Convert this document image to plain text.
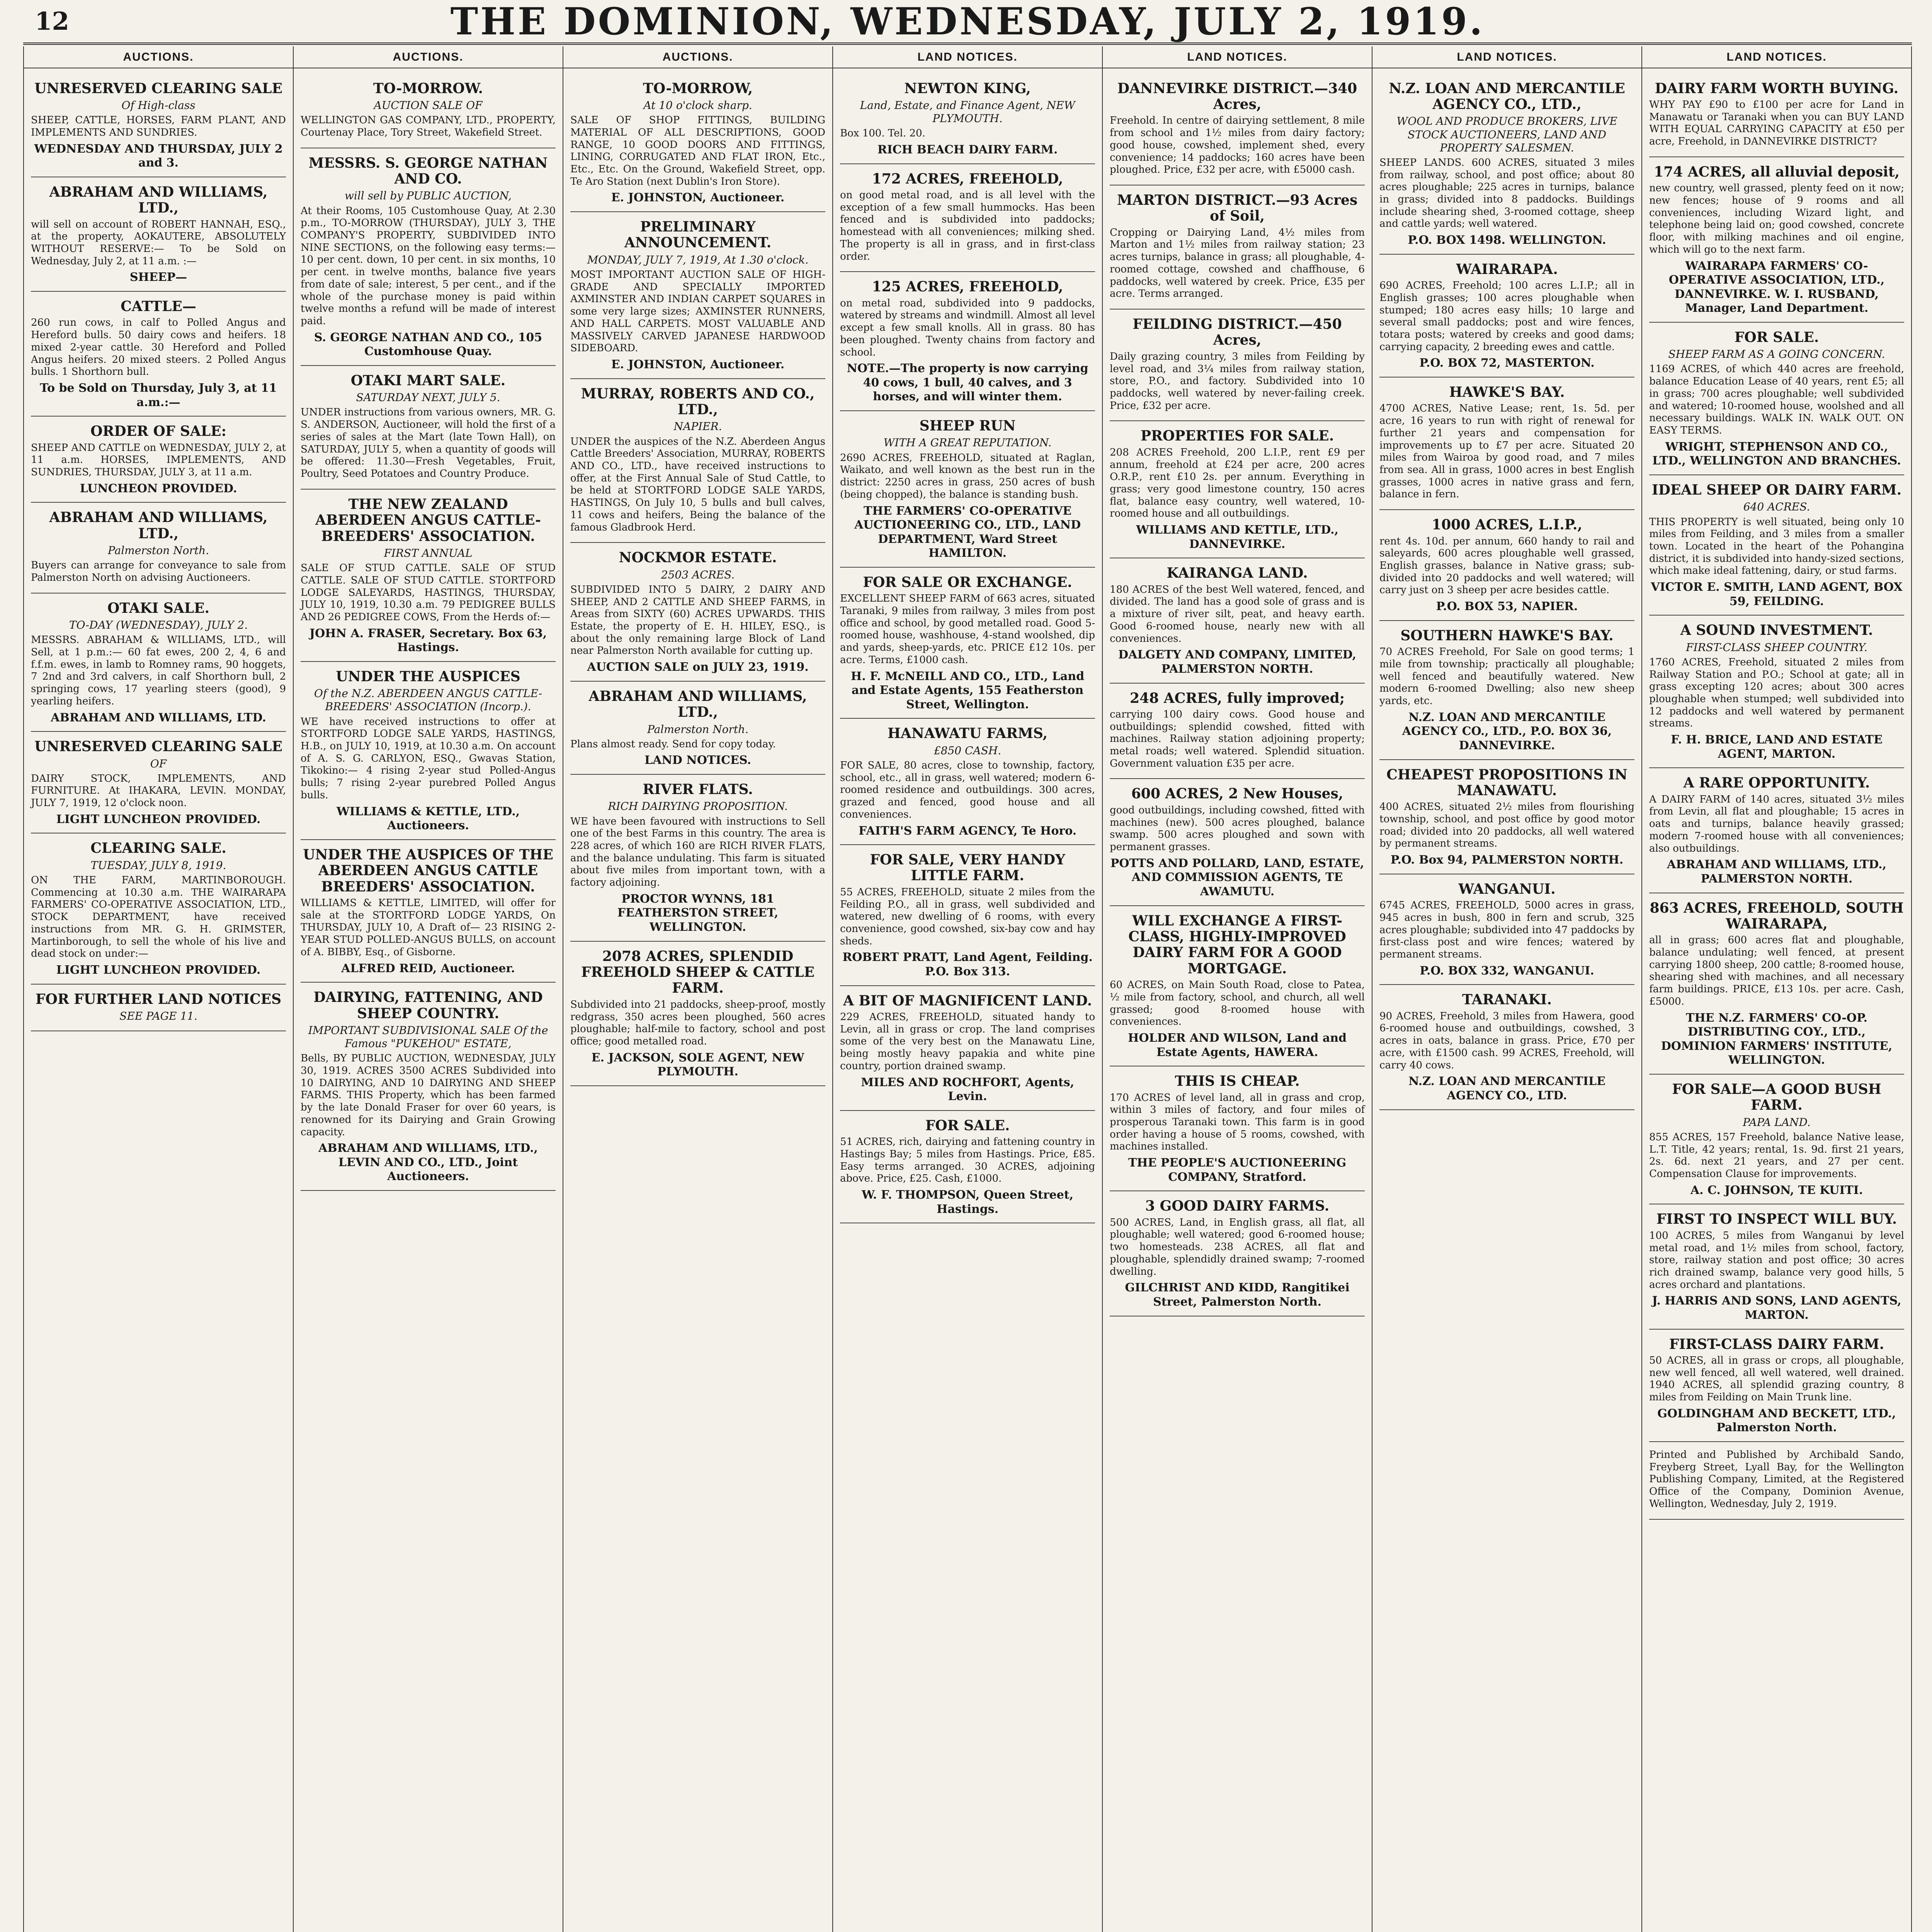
12	THE DOMINION, WEDNESDAY, JULY 2, 1919.
AUCTIONS.
UNRESERVED CLEARING SALE
Of High-class
SHEEP, CATTLE, HORSES, FARM PLANT, AND IMPLEMENTS AND SUNDRIES.
WEDNESDAY AND THURSDAY, JULY 2 and 3.
ABRAHAM AND WILLIAMS, LTD.,
will sell on account of ROBERT HANNAH, ESQ., at the property, AOKAUTERE, ABSOLUTELY WITHOUT RESERVE:— To be Sold on Wednesday, July 2, at 11 a.m. :—
SHEEP—
CATTLE—
260 run cows, in calf to Polled Angus and Hereford bulls. 50 dairy cows and heifers. 18 mixed 2-year cattle. 30 Hereford and Polled Angus heifers. 20 mixed steers. 2 Polled Angus bulls. 1 Shorthorn bull.
To be Sold on Thursday, July 3, at 11 a.m.:—
ORDER OF SALE:
SHEEP AND CATTLE on WEDNESDAY, JULY 2, at 11 a.m. HORSES, IMPLEMENTS, AND SUNDRIES, THURSDAY, JULY 3, at 11 a.m.
LUNCHEON PROVIDED.
ABRAHAM AND WILLIAMS, LTD.,
Palmerston North.
Buyers can arrange for conveyance to sale from Palmerston North on advising Auctioneers.
OTAKI SALE.
TO-DAY (WEDNESDAY), JULY 2.
MESSRS. ABRAHAM & WILLIAMS, LTD., will Sell, at 1 p.m.:— 60 fat ewes, 200 2, 4, 6 and f.f.m. ewes, in lamb to Romney rams, 90 hoggets, 7 2nd and 3rd calvers, in calf Shorthorn bull, 2 springing cows, 17 yearling steers (good), 9 yearling heifers.
ABRAHAM AND WILLIAMS, LTD.
UNRESERVED CLEARING SALE
OF
DAIRY STOCK, IMPLEMENTS, AND FURNITURE. At IHAKARA, LEVIN. MONDAY, JULY 7, 1919, 12 o'clock noon.
LIGHT LUNCHEON PROVIDED.
CLEARING SALE.
TUESDAY, JULY 8, 1919.
ON THE FARM, MARTINBOROUGH. Commencing at 10.30 a.m. THE WAIRARAPA FARMERS' CO-OPERATIVE ASSOCIATION, LTD., STOCK DEPARTMENT, have received instructions from MR. G. H. GRIMSTER, Martinborough, to sell the whole of his live and dead stock on under:—
LIGHT LUNCHEON PROVIDED.
FOR FURTHER LAND NOTICES
SEE PAGE 11.
AUCTIONS.
TO-MORROW.
AUCTION SALE OF
WELLINGTON GAS COMPANY, LTD., PROPERTY, Courtenay Place, Tory Street, Wakefield Street.
MESSRS. S. GEORGE NATHAN AND CO.
will sell by PUBLIC AUCTION,
At their Rooms, 105 Customhouse Quay, At 2.30 p.m., TO-MORROW (THURSDAY), JULY 3, THE COMPANY'S PROPERTY, SUBDIVIDED INTO NINE SECTIONS, on the following easy terms:— 10 per cent. down, 10 per cent. in six months, 10 per cent. in twelve months, balance five years from date of sale; interest, 5 per cent., and if the whole of the purchase money is paid within twelve months a refund will be made of interest paid.
S. GEORGE NATHAN AND CO., 105 Customhouse Quay.
OTAKI MART SALE.
SATURDAY NEXT, JULY 5.
UNDER instructions from various owners, MR. G. S. ANDERSON, Auctioneer, will hold the first of a series of sales at the Mart (late Town Hall), on SATURDAY, JULY 5, when a quantity of goods will be offered: 11.30—Fresh Vegetables, Fruit, Poultry, Seed Potatoes and Country Produce.
THE NEW ZEALAND ABERDEEN ANGUS CATTLE-BREEDERS' ASSOCIATION.
FIRST ANNUAL
SALE OF STUD CATTLE. SALE OF STUD CATTLE. SALE OF STUD CATTLE. STORTFORD LODGE SALEYARDS, HASTINGS, THURSDAY, JULY 10, 1919, 10.30 a.m. 79 PEDIGREE BULLS AND 26 PEDIGREE COWS, From the Herds of:—
JOHN A. FRASER, Secretary. Box 63, Hastings.
UNDER THE AUSPICES
Of the N.Z. ABERDEEN ANGUS CATTLE-BREEDERS' ASSOCIATION (Incorp.).
WE have received instructions to offer at STORTFORD LODGE SALE YARDS, HASTINGS, H.B., on JULY 10, 1919, at 10.30 a.m. On account of A. S. G. CARLYON, ESQ., Gwavas Station, Tikokino:— 4 rising 2-year stud Polled-Angus bulls; 7 rising 2-year purebred Polled Angus bulls.
WILLIAMS & KETTLE, LTD., Auctioneers.
UNDER THE AUSPICES OF THE ABERDEEN ANGUS CATTLE BREEDERS' ASSOCIATION.
WILLIAMS & KETTLE, LIMITED, will offer for sale at the STORTFORD LODGE YARDS, On THURSDAY, JULY 10, A Draft of— 23 RISING 2-YEAR STUD POLLED-ANGUS BULLS, on account of A. BIBBY, Esq., of Gisborne.
ALFRED REID, Auctioneer.
DAIRYING, FATTENING, AND SHEEP COUNTRY.
IMPORTANT SUBDIVISIONAL SALE Of the Famous "PUKEHOU" ESTATE,
Bells, BY PUBLIC AUCTION, WEDNESDAY, JULY 30, 1919. ACRES 3500 ACRES Subdivided into 10 DAIRYING, AND 10 DAIRYING AND SHEEP FARMS. THIS Property, which has been farmed by the late Donald Fraser for over 60 years, is renowned for its Dairying and Grain Growing capacity.
ABRAHAM AND WILLIAMS, LTD., LEVIN AND CO., LTD., Joint Auctioneers.
AUCTIONS.
TO-MORROW,
At 10 o'clock sharp.
SALE OF SHOP FITTINGS, BUILDING MATERIAL OF ALL DESCRIPTIONS, GOOD RANGE, 10 GOOD DOORS AND FITTINGS, LINING, CORRUGATED AND FLAT IRON, Etc., Etc., Etc. On the Ground, Wakefield Street, opp. Te Aro Station (next Dublin's Iron Store).
E. JOHNSTON, Auctioneer.
PRELIMINARY ANNOUNCEMENT.
MONDAY, JULY 7, 1919, At 1.30 o'clock.
MOST IMPORTANT AUCTION SALE OF HIGH-GRADE AND SPECIALLY IMPORTED AXMINSTER AND INDIAN CARPET SQUARES in some very large sizes; AXMINSTER RUNNERS, AND HALL CARPETS. MOST VALUABLE AND MASSIVELY CARVED JAPANESE HARDWOOD SIDEBOARD.
E. JOHNSTON, Auctioneer.
MURRAY, ROBERTS AND CO., LTD.,
NAPIER.
UNDER the auspices of the N.Z. Aberdeen Angus Cattle Breeders' Association, MURRAY, ROBERTS AND CO., LTD., have received instructions to offer, at the First Annual Sale of Stud Cattle, to be held at STORTFORD LODGE SALE YARDS, HASTINGS, On July 10, 5 bulls and bull calves, 11 cows and heifers, Being the balance of the famous Gladbrook Herd.
NOCKMOR ESTATE.
2503 ACRES.
SUBDIVIDED INTO 5 DAIRY, 2 DAIRY AND SHEEP, AND 2 CATTLE AND SHEEP FARMS, in Areas from SIXTY (60) ACRES UPWARDS. THIS Estate, the property of E. H. HILEY, ESQ., is about the only remaining large Block of Land near Palmerston North available for cutting up.
AUCTION SALE on JULY 23, 1919.
ABRAHAM AND WILLIAMS, LTD.,
Palmerston North.
Plans almost ready. Send for copy today.
LAND NOTICES.
RIVER FLATS.
RICH DAIRYING PROPOSITION.
WE have been favoured with instructions to Sell one of the best Farms in this country. The area is 228 acres, of which 160 are RICH RIVER FLATS, and the balance undulating. This farm is situated about five miles from important town, with a factory adjoining.
PROCTOR WYNNS, 181 FEATHERSTON STREET, WELLINGTON.
2078 ACRES, SPLENDID FREEHOLD SHEEP & CATTLE FARM.
Subdivided into 21 paddocks, sheep-proof, mostly redgrass, 350 acres been ploughed, 560 acres ploughable; half-mile to factory, school and post office; good metalled road.
E. JACKSON, SOLE AGENT, NEW PLYMOUTH.
LAND NOTICES.
NEWTON KING,
Land, Estate, and Finance Agent, NEW PLYMOUTH.
Box 100. Tel. 20.
RICH BEACH DAIRY FARM.
172 ACRES, FREEHOLD,
on good metal road, and is all level with the exception of a few small hummocks. Has been fenced and is subdivided into paddocks; homestead with all conveniences; milking shed. The property is all in grass, and in first-class order.
125 ACRES, FREEHOLD,
on metal road, subdivided into 9 paddocks, watered by streams and windmill. Almost all level except a few small knolls. All in grass. 80 has been ploughed. Twenty chains from factory and school.
NOTE.—The property is now carrying 40 cows, 1 bull, 40 calves, and 3 horses, and will winter them.
SHEEP RUN
WITH A GREAT REPUTATION.
2690 ACRES, FREEHOLD, situated at Raglan, Waikato, and well known as the best run in the district: 2250 acres in grass, 250 acres of bush (being chopped), the balance is standing bush.
THE FARMERS' CO-OPERATIVE AUCTIONEERING CO., LTD., LAND DEPARTMENT, Ward Street HAMILTON.
FOR SALE OR EXCHANGE.
EXCELLENT SHEEP FARM of 663 acres, situated Taranaki, 9 miles from railway, 3 miles from post office and school, by good metalled road. Good 5-roomed house, washhouse, 4-stand woolshed, dip and yards, sheep-yards, etc. PRICE £12 10s. per acre. Terms, £1000 cash.
H. F. McNEILL AND CO., LTD., Land and Estate Agents, 155 Featherston Street, Wellington.
HANAWATU FARMS,
£850 CASH.
FOR SALE, 80 acres, close to township, factory, school, etc., all in grass, well watered; modern 6-roomed residence and outbuildings. 300 acres, grazed and fenced, good house and all conveniences.
FAITH'S FARM AGENCY, Te Horo.
FOR SALE, VERY HANDY LITTLE FARM.
55 ACRES, FREEHOLD, situate 2 miles from the Feilding P.O., all in grass, well subdivided and watered, new dwelling of 6 rooms, with every convenience, good cowshed, six-bay cow and hay sheds.
ROBERT PRATT, Land Agent, Feilding. P.O. Box 313.
A BIT OF MAGNIFICENT LAND.
229 ACRES, FREEHOLD, situated handy to Levin, all in grass or crop. The land comprises some of the very best on the Manawatu Line, being mostly heavy papakia and white pine country, portion drained swamp.
MILES AND ROCHFORT, Agents, Levin.
FOR SALE.
51 ACRES, rich, dairying and fattening country in Hastings Bay; 5 miles from Hastings. Price, £85. Easy terms arranged. 30 ACRES, adjoining above. Price, £25. Cash, £1000.
W. F. THOMPSON, Queen Street, Hastings.
LAND NOTICES.
DANNEVIRKE DISTRICT.—340 Acres,
Freehold. In centre of dairying settlement, 8 mile from school and 1½ miles from dairy factory; good house, cowshed, implement shed, every convenience; 14 paddocks; 160 acres have been ploughed. Price, £32 per acre, with £5000 cash.
MARTON DISTRICT.—93 Acres of Soil,
Cropping or Dairying Land, 4½ miles from Marton and 1½ miles from railway station; 23 acres turnips, balance in grass; all ploughable, 4-roomed cottage, cowshed and chaffhouse, 6 paddocks, well watered by creek. Price, £35 per acre. Terms arranged.
FEILDING DISTRICT.—450 Acres,
Daily grazing country, 3 miles from Feilding by level road, and 3¼ miles from railway station, store, P.O., and factory. Subdivided into 10 paddocks, well watered by never-failing creek. Price, £32 per acre.
PROPERTIES FOR SALE.
208 ACRES Freehold, 200 L.I.P., rent £9 per annum, freehold at £24 per acre, 200 acres O.R.P., rent £10 2s. per annum. Everything in grass; very good limestone country, 150 acres flat, balance easy country, well watered, 10-roomed house and all outbuildings.
WILLIAMS AND KETTLE, LTD., DANNEVIRKE.
KAIRANGA LAND.
180 ACRES of the best Well watered, fenced, and divided. The land has a good sole of grass and is a mixture of river silt, peat, and heavy earth. Good 6-roomed house, nearly new with all conveniences.
DALGETY AND COMPANY, LIMITED, PALMERSTON NORTH.
248 ACRES, fully improved;
carrying 100 dairy cows. Good house and outbuildings; splendid cowshed, fitted with machines. Railway station adjoining property; metal roads; well watered. Splendid situation. Government valuation £35 per acre.
600 ACRES, 2 New Houses,
good outbuildings, including cowshed, fitted with machines (new). 500 acres ploughed, balance swamp. 500 acres ploughed and sown with permanent grasses.
POTTS AND POLLARD, LAND, ESTATE, AND COMMISSION AGENTS, TE AWAMUTU.
WILL EXCHANGE A FIRST-CLASS, HIGHLY-IMPROVED DAIRY FARM FOR A GOOD MORTGAGE.
60 ACRES, on Main South Road, close to Patea, ½ mile from factory, school, and church, all well grassed; good 8-roomed house with conveniences.
HOLDER AND WILSON, Land and Estate Agents, HAWERA.
THIS IS CHEAP.
170 ACRES of level land, all in grass and crop, within 3 miles of factory, and four miles of prosperous Taranaki town. This farm is in good order having a house of 5 rooms, cowshed, with machines installed.
THE PEOPLE'S AUCTIONEERING COMPANY, Stratford.
3 GOOD DAIRY FARMS.
500 ACRES, Land, in English grass, all flat, all ploughable; well watered; good 6-roomed house; two homesteads. 238 ACRES, all flat and ploughable, splendidly drained swamp; 7-roomed dwelling.
GILCHRIST AND KIDD, Rangitikei Street, Palmerston North.
LAND NOTICES.
N.Z. LOAN AND MERCANTILE AGENCY CO., LTD.,
WOOL AND PRODUCE BROKERS, LIVE STOCK AUCTIONEERS, LAND AND PROPERTY SALESMEN.
SHEEP LANDS. 600 ACRES, situated 3 miles from railway, school, and post office; about 80 acres ploughable; 225 acres in turnips, balance in grass; divided into 8 paddocks. Buildings include shearing shed, 3-roomed cottage, sheep and cattle yards; well watered.
P.O. BOX 1498. WELLINGTON.
WAIRARAPA.
690 ACRES, Freehold; 100 acres L.I.P.; all in English grasses; 100 acres ploughable when stumped; 180 acres easy hills; 10 large and several small paddocks; post and wire fences, totara posts; watered by creeks and good dams; carrying capacity, 2 breeding ewes and cattle.
P.O. BOX 72, MASTERTON.
HAWKE'S BAY.
4700 ACRES, Native Lease; rent, 1s. 5d. per acre, 16 years to run with right of renewal for further 21 years and compensation for improvements up to £7 per acre. Situated 20 miles from Wairoa by good road, and 7 miles from sea. All in grass, 1000 acres in best English grasses, 1000 acres in native grass and fern, balance in fern.
1000 ACRES, L.I.P.,
rent 4s. 10d. per annum, 660 handy to rail and saleyards, 600 acres ploughable well grassed, English grasses, balance in Native grass; sub-divided into 20 paddocks and well watered; will carry just on 3 sheep per acre besides cattle.
P.O. BOX 53, NAPIER.
SOUTHERN HAWKE'S BAY.
70 ACRES Freehold, For Sale on good terms; 1 mile from township; practically all ploughable; well fenced and beautifully watered. New modern 6-roomed Dwelling; also new sheep yards, etc.
N.Z. LOAN AND MERCANTILE AGENCY CO., LTD., P.O. BOX 36, DANNEVIRKE.
CHEAPEST PROPOSITIONS IN MANAWATU.
400 ACRES, situated 2½ miles from flourishing township, school, and post office by good motor road; divided into 20 paddocks, all well watered by permanent streams.
P.O. Box 94, PALMERSTON NORTH.
WANGANUI.
6745 ACRES, FREEHOLD, 5000 acres in grass, 945 acres in bush, 800 in fern and scrub, 325 acres ploughable; subdivided into 47 paddocks by first-class post and wire fences; watered by permanent streams.
P.O. BOX 332, WANGANUI.
TARANAKI.
90 ACRES, Freehold, 3 miles from Hawera, good 6-roomed house and outbuildings, cowshed, 3 acres in oats, balance in grass. Price, £70 per acre, with £1500 cash. 99 ACRES, Freehold, will carry 40 cows.
N.Z. LOAN AND MERCANTILE AGENCY CO., LTD.
LAND NOTICES.
DAIRY FARM WORTH BUYING.
WHY PAY £90 to £100 per acre for Land in Manawatu or Taranaki when you can BUY LAND WITH EQUAL CARRYING CAPACITY at £50 per acre, Freehold, in DANNEVIRKE DISTRICT?
174 ACRES, all alluvial deposit,
new country, well grassed, plenty feed on it now; new fences; house of 9 rooms and all conveniences, including Wizard light, and telephone being laid on; good cowshed, concrete floor, with milking machines and oil engine, which will go to the next farm.
WAIRARAPA FARMERS' CO-OPERATIVE ASSOCIATION, LTD., DANNEVIRKE. W. I. RUSBAND, Manager, Land Department.
FOR SALE.
SHEEP FARM AS A GOING CONCERN.
1169 ACRES, of which 440 acres are freehold, balance Education Lease of 40 years, rent £5; all in grass; 700 acres ploughable; well subdivided and watered; 10-roomed house, woolshed and all necessary buildings. WALK IN. WALK OUT. ON EASY TERMS.
WRIGHT, STEPHENSON AND CO., LTD., WELLINGTON AND BRANCHES.
IDEAL SHEEP OR DAIRY FARM.
640 ACRES.
THIS PROPERTY is well situated, being only 10 miles from Feilding, and 3 miles from a smaller town. Located in the heart of the Pohangina district, it is subdivided into handy-sized sections, which make ideal fattening, dairy, or stud farms.
VICTOR E. SMITH, LAND AGENT, BOX 59, FEILDING.
A SOUND INVESTMENT.
FIRST-CLASS SHEEP COUNTRY.
1760 ACRES, Freehold, situated 2 miles from Railway Station and P.O.; School at gate; all in grass excepting 120 acres; about 300 acres ploughable when stumped; well subdivided into 12 paddocks and well watered by permanent streams.
F. H. BRICE, LAND AND ESTATE AGENT, MARTON.
A RARE OPPORTUNITY.
A DAIRY FARM of 140 acres, situated 3½ miles from Levin, all flat and ploughable; 15 acres in oats and turnips, balance heavily grassed; modern 7-roomed house with all conveniences; also outbuildings.
ABRAHAM AND WILLIAMS, LTD., PALMERSTON NORTH.
863 ACRES, FREEHOLD, SOUTH WAIRARAPA,
all in grass; 600 acres flat and ploughable, balance undulating; well fenced, at present carrying 1800 sheep, 200 cattle; 8-roomed house, shearing shed with machines, and all necessary farm buildings. PRICE, £13 10s. per acre. Cash, £5000.
THE N.Z. FARMERS' CO-OP. DISTRIBUTING COY., LTD., DOMINION FARMERS' INSTITUTE, WELLINGTON.
FOR SALE—A GOOD BUSH FARM.
PAPA LAND.
855 ACRES, 157 Freehold, balance Native lease, L.T. Title, 42 years; rental, 1s. 9d. first 21 years, 2s. 6d. next 21 years, and 27 per cent. Compensation Clause for improvements.
A. C. JOHNSON, TE KUITI.
FIRST TO INSPECT WILL BUY.
100 ACRES, 5 miles from Wanganui by level metal road, and 1½ miles from school, factory, store, railway station and post office; 30 acres rich drained swamp, balance very good hills, 5 acres orchard and plantations.
J. HARRIS AND SONS, LAND AGENTS, MARTON.
FIRST-CLASS DAIRY FARM.
50 ACRES, all in grass or crops, all ploughable, new well fenced, all well watered, well drained. 1940 ACRES, all splendid grazing country, 8 miles from Feilding on Main Trunk line.
GOLDINGHAM AND BECKETT, LTD., Palmerston North.
Printed and Published by Archibald Sando, Freyberg Street, Lyall Bay, for the Wellington Publishing Company, Limited, at the Registered Office of the Company, Dominion Avenue, Wellington, Wednesday, July 2, 1919.
